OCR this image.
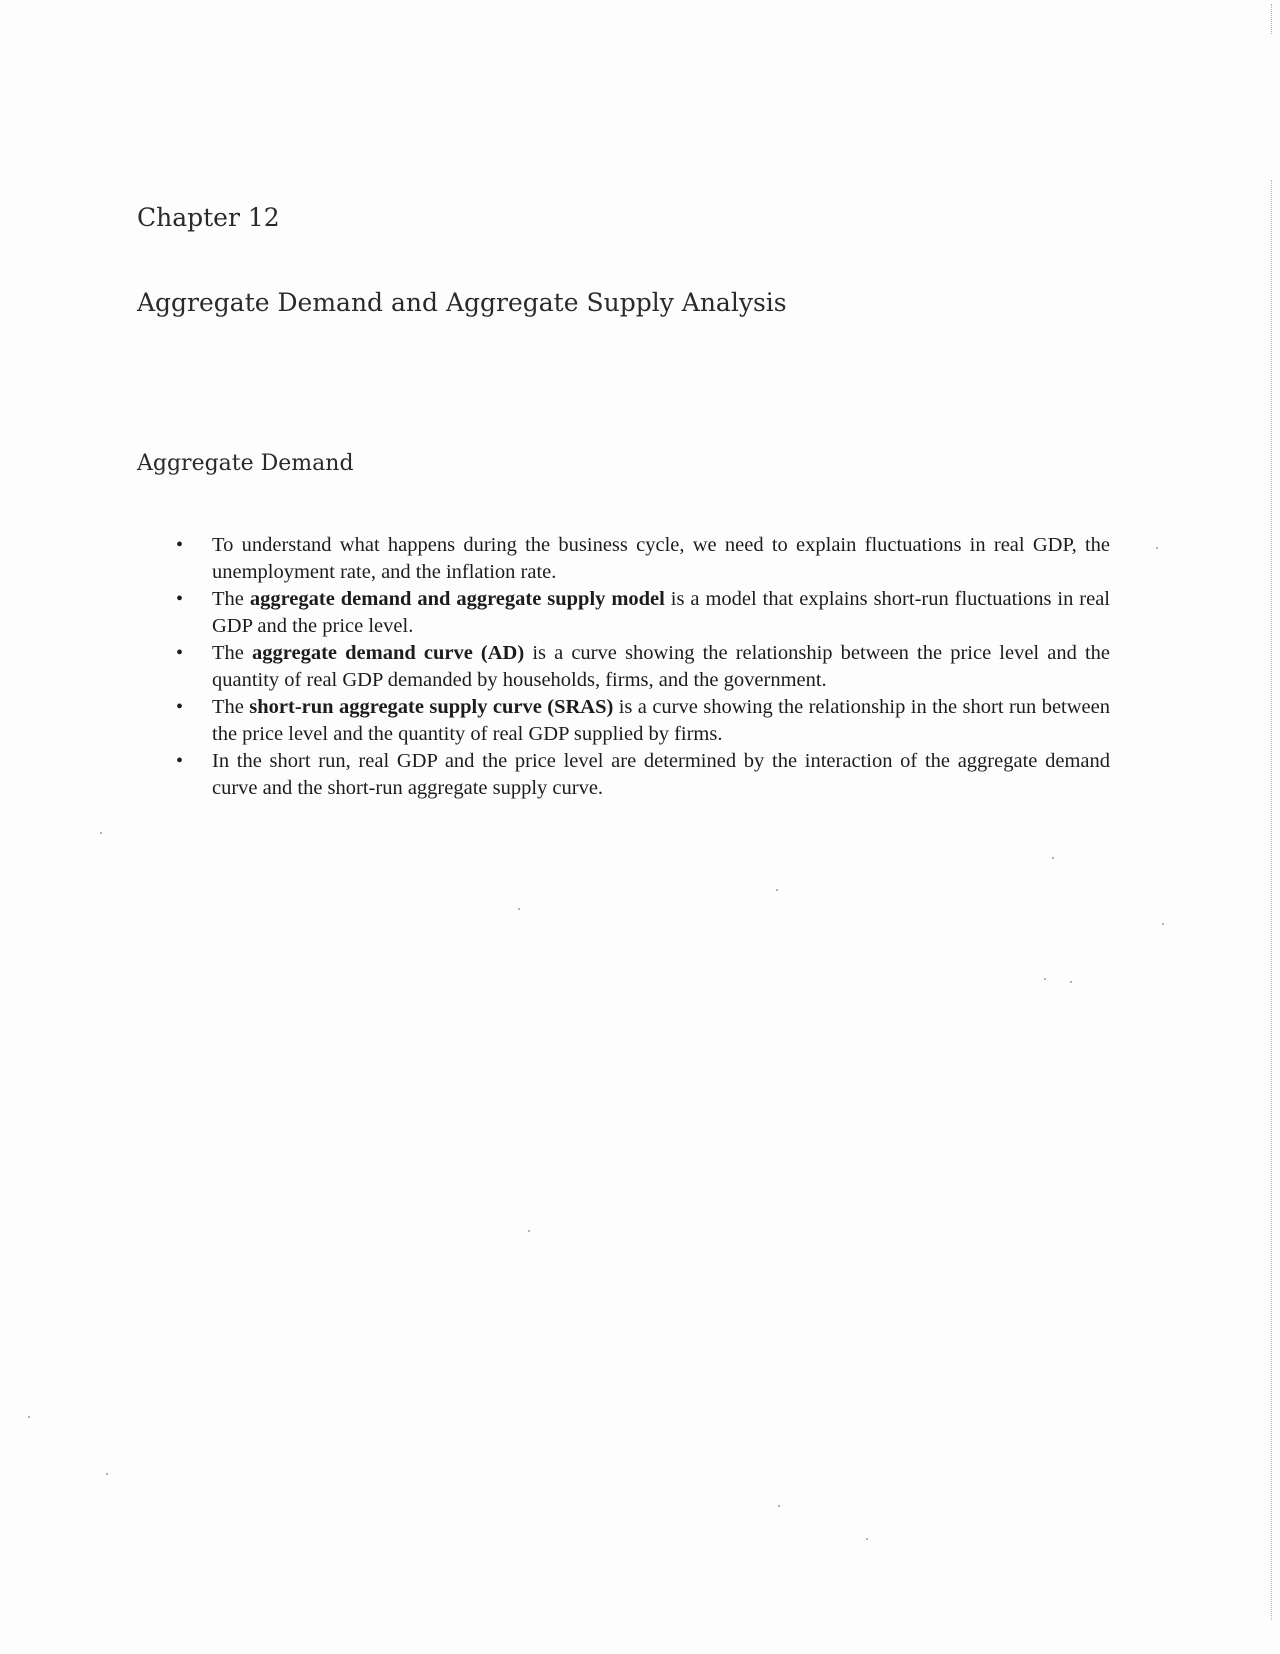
Chapter 12
Aggregate Demand and Aggregate Supply Analysis
Aggregate Demand
•	To understand what happens during the business cycle, we need to explain fluctuations in real GDP, the unemployment rate, and the inflation rate.
•	The aggregate demand and aggregate supply model is a model that explains short-run fluctuations in real GDP and the price level.
•	The aggregate demand curve (AD) is a curve showing the relationship between the price level and the quantity of real GDP demanded by households, firms, and the government.
•	The short-run aggregate supply curve (SRAS) is a curve showing the relationship in the short run between the price level and the quantity of real GDP supplied by firms.
•	In the short run, real GDP and the price level are determined by the interaction of the aggregate demand curve and the short-run aggregate supply curve.
